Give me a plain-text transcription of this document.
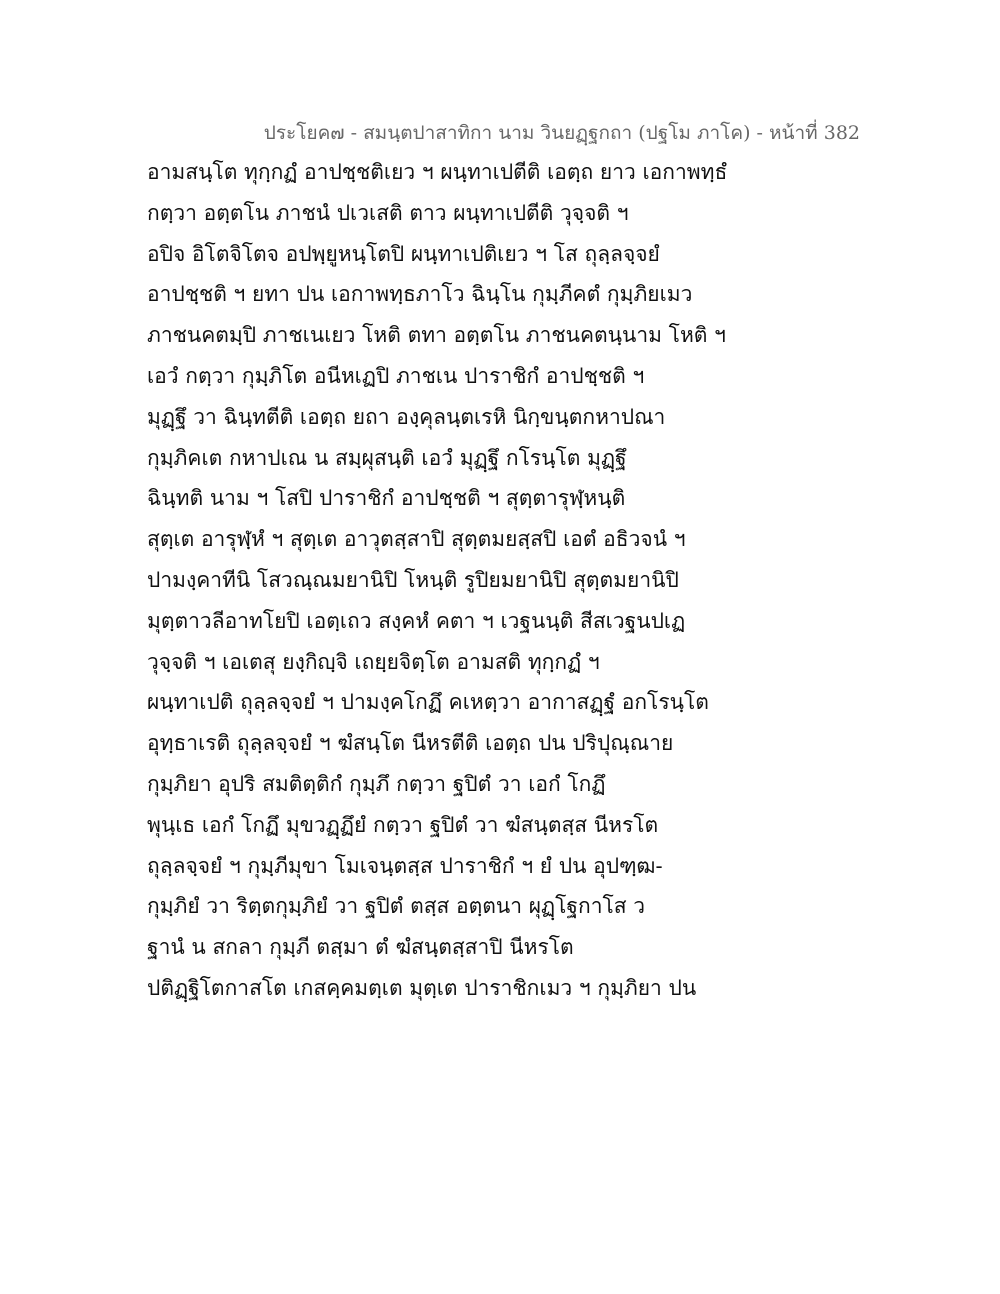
ประโยค๗ - สมนฺตปาสาทิกา นาม วินยฏฺฐกถา (ปฐโม ภาโค) - หน้าที่ 382
อามสนฺโต ทุกฺกฏํ อาปชฺชติเยว ฯ ผนฺทาเปตีติ เอตฺถ ยาว เอกาพทฺธํ
กตฺวา อตฺตโน ภาชนํ ปเวเสติ ตาว ผนฺทาเปตีติ วุจฺจติ ฯ
อปิจ อิโตจิโตจ อปพฺยูหนฺโตปิ ผนฺทาเปติเยว ฯ โส ถุลฺลจฺจยํ
อาปชฺชติ ฯ ยทา ปน เอกาพทฺธภาโว ฉินฺโน กุมฺภีคตํ กุมฺภิยเมว
ภาชนคตมฺปิ ภาชเนเยว โหติ ตทา อตฺตโน ภาชนคตนฺนาม โหติ ฯ
เอวํ กตฺวา กุมฺภิโต อนีหเฏปิ ภาชเน ปาราชิกํ อาปชฺชติ ฯ
มุฏฺฐึ วา ฉินฺทตีติ เอตฺถ ยถา องฺคุลนฺตเรหิ นิกฺขนฺตกหาปณา
กุมฺภิคเต กหาปเณ น สมฺผุสนฺติ เอวํ มุฏฺฐึ กโรนฺโต มุฏฺฐึ
ฉินฺทติ นาม ฯ โสปิ ปาราชิกํ อาปชฺชติ ฯ สุตฺตารุฬฺหนฺติ
สุตฺเต อารุฬฺหํ ฯ สุตฺเต อาวุตสฺสาปิ สุตฺตมยสฺสปิ เอตํ อธิวจนํ ฯ
ปามงฺคาทีนิ โสวณฺณมยานิปิ โหนฺติ รูปิยมยานิปิ สุตฺตมยานิปิ
มุตฺตาวลีอาทโยปิ เอตฺเถว สงฺคหํ คตา ฯ เวฐนนฺติ สีสเวฐนปเฏ
วุจฺจติ ฯ เอเตสุ ยงฺกิญฺจิ เถยฺยจิตฺโต อามสติ ทุกฺกฏํ ฯ
ผนฺทาเปติ ถุลฺลจฺจยํ ฯ ปามงฺคโกฏึ คเหตฺวา อากาสฏฺฐํ อกโรนฺโต
อุทฺธาเรติ ถุลฺลจฺจยํ ฯ ฆํสนฺโต นีหรตีติ เอตฺถ ปน ปริปุณฺณาย
กุมฺภิยา อุปริ สมติตฺติกํ กุมฺภึ กตฺวา ฐปิตํ วา เอกํ โกฏึ
พุนฺเธ เอกํ โกฏึ มุขวฏฺฏึยํ กตฺวา ฐปิตํ วา ฆํสนฺตสฺส นีหรโต
ถุลฺลจฺจยํ ฯ กุมฺภีมุขา โมเจนฺตสฺส ปาราชิกํ ฯ ยํ ปน อุปฑฺฒ-
กุมฺภิยํ วา ริตฺตกุมฺภิยํ วา ฐปิตํ ตสฺส อตฺตนา ผุฏฺโฐกาโส ว
ฐานํ น สกลา กุมฺภี ตสฺมา ตํ ฆํสนฺตสฺสาปิ นีหรโต
ปติฏฺฐิโตกาสโต เกสคฺคมตฺเต มุตฺเต ปาราชิกเมว ฯ กุมฺภิยา ปน
